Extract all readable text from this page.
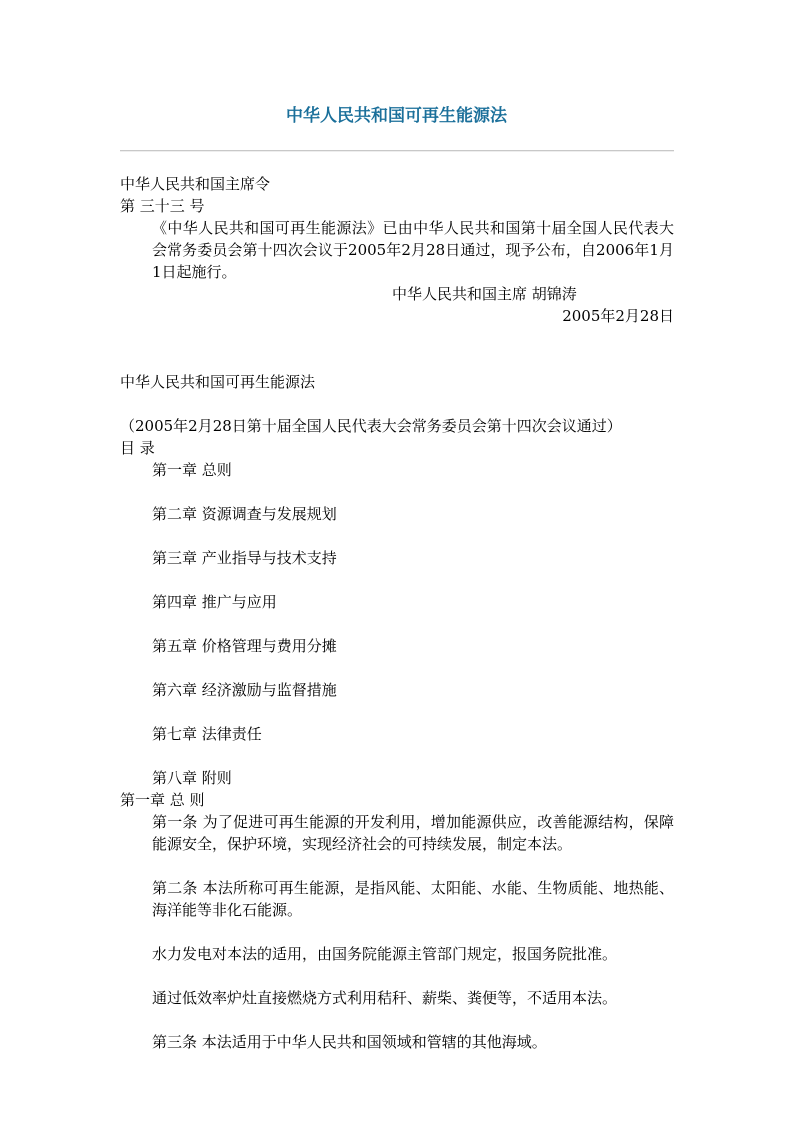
中华人民共和国可再生能源法
中华人民共和国主席令
第 三十三 号

《中华人民共和国可再生能源法》已由中华人民共和国第十届全国人民代表大会常务委员会第十四次会议于2005年2月28日通过，现予公布，自2006年1月1日起施行。

中华人民共和国主席 胡锦涛
2005年2月28日
中华人民共和国可再生能源法
（2005年2月28日第十届全国人民代表大会常务委员会第十四次会议通过）
目 录
第一章 总则
第二章 资源调查与发展规划
第三章 产业指导与技术支持
第四章 推广与应用
第五章 价格管理与费用分摊
第六章 经济激励与监督措施
第七章 法律责任
第八章 附则
第一章 总 则

第一条 为了促进可再生能源的开发利用，增加能源供应，改善能源结构，保障能源安全，保护环境，实现经济社会的可持续发展，制定本法。

第二条 本法所称可再生能源，是指风能、太阳能、水能、生物质能、地热能、海洋能等非化石能源。

水力发电对本法的适用，由国务院能源主管部门规定，报国务院批准。

通过低效率炉灶直接燃烧方式利用秸秆、薪柴、粪便等，不适用本法。

第三条 本法适用于中华人民共和国领域和管辖的其他海域。
